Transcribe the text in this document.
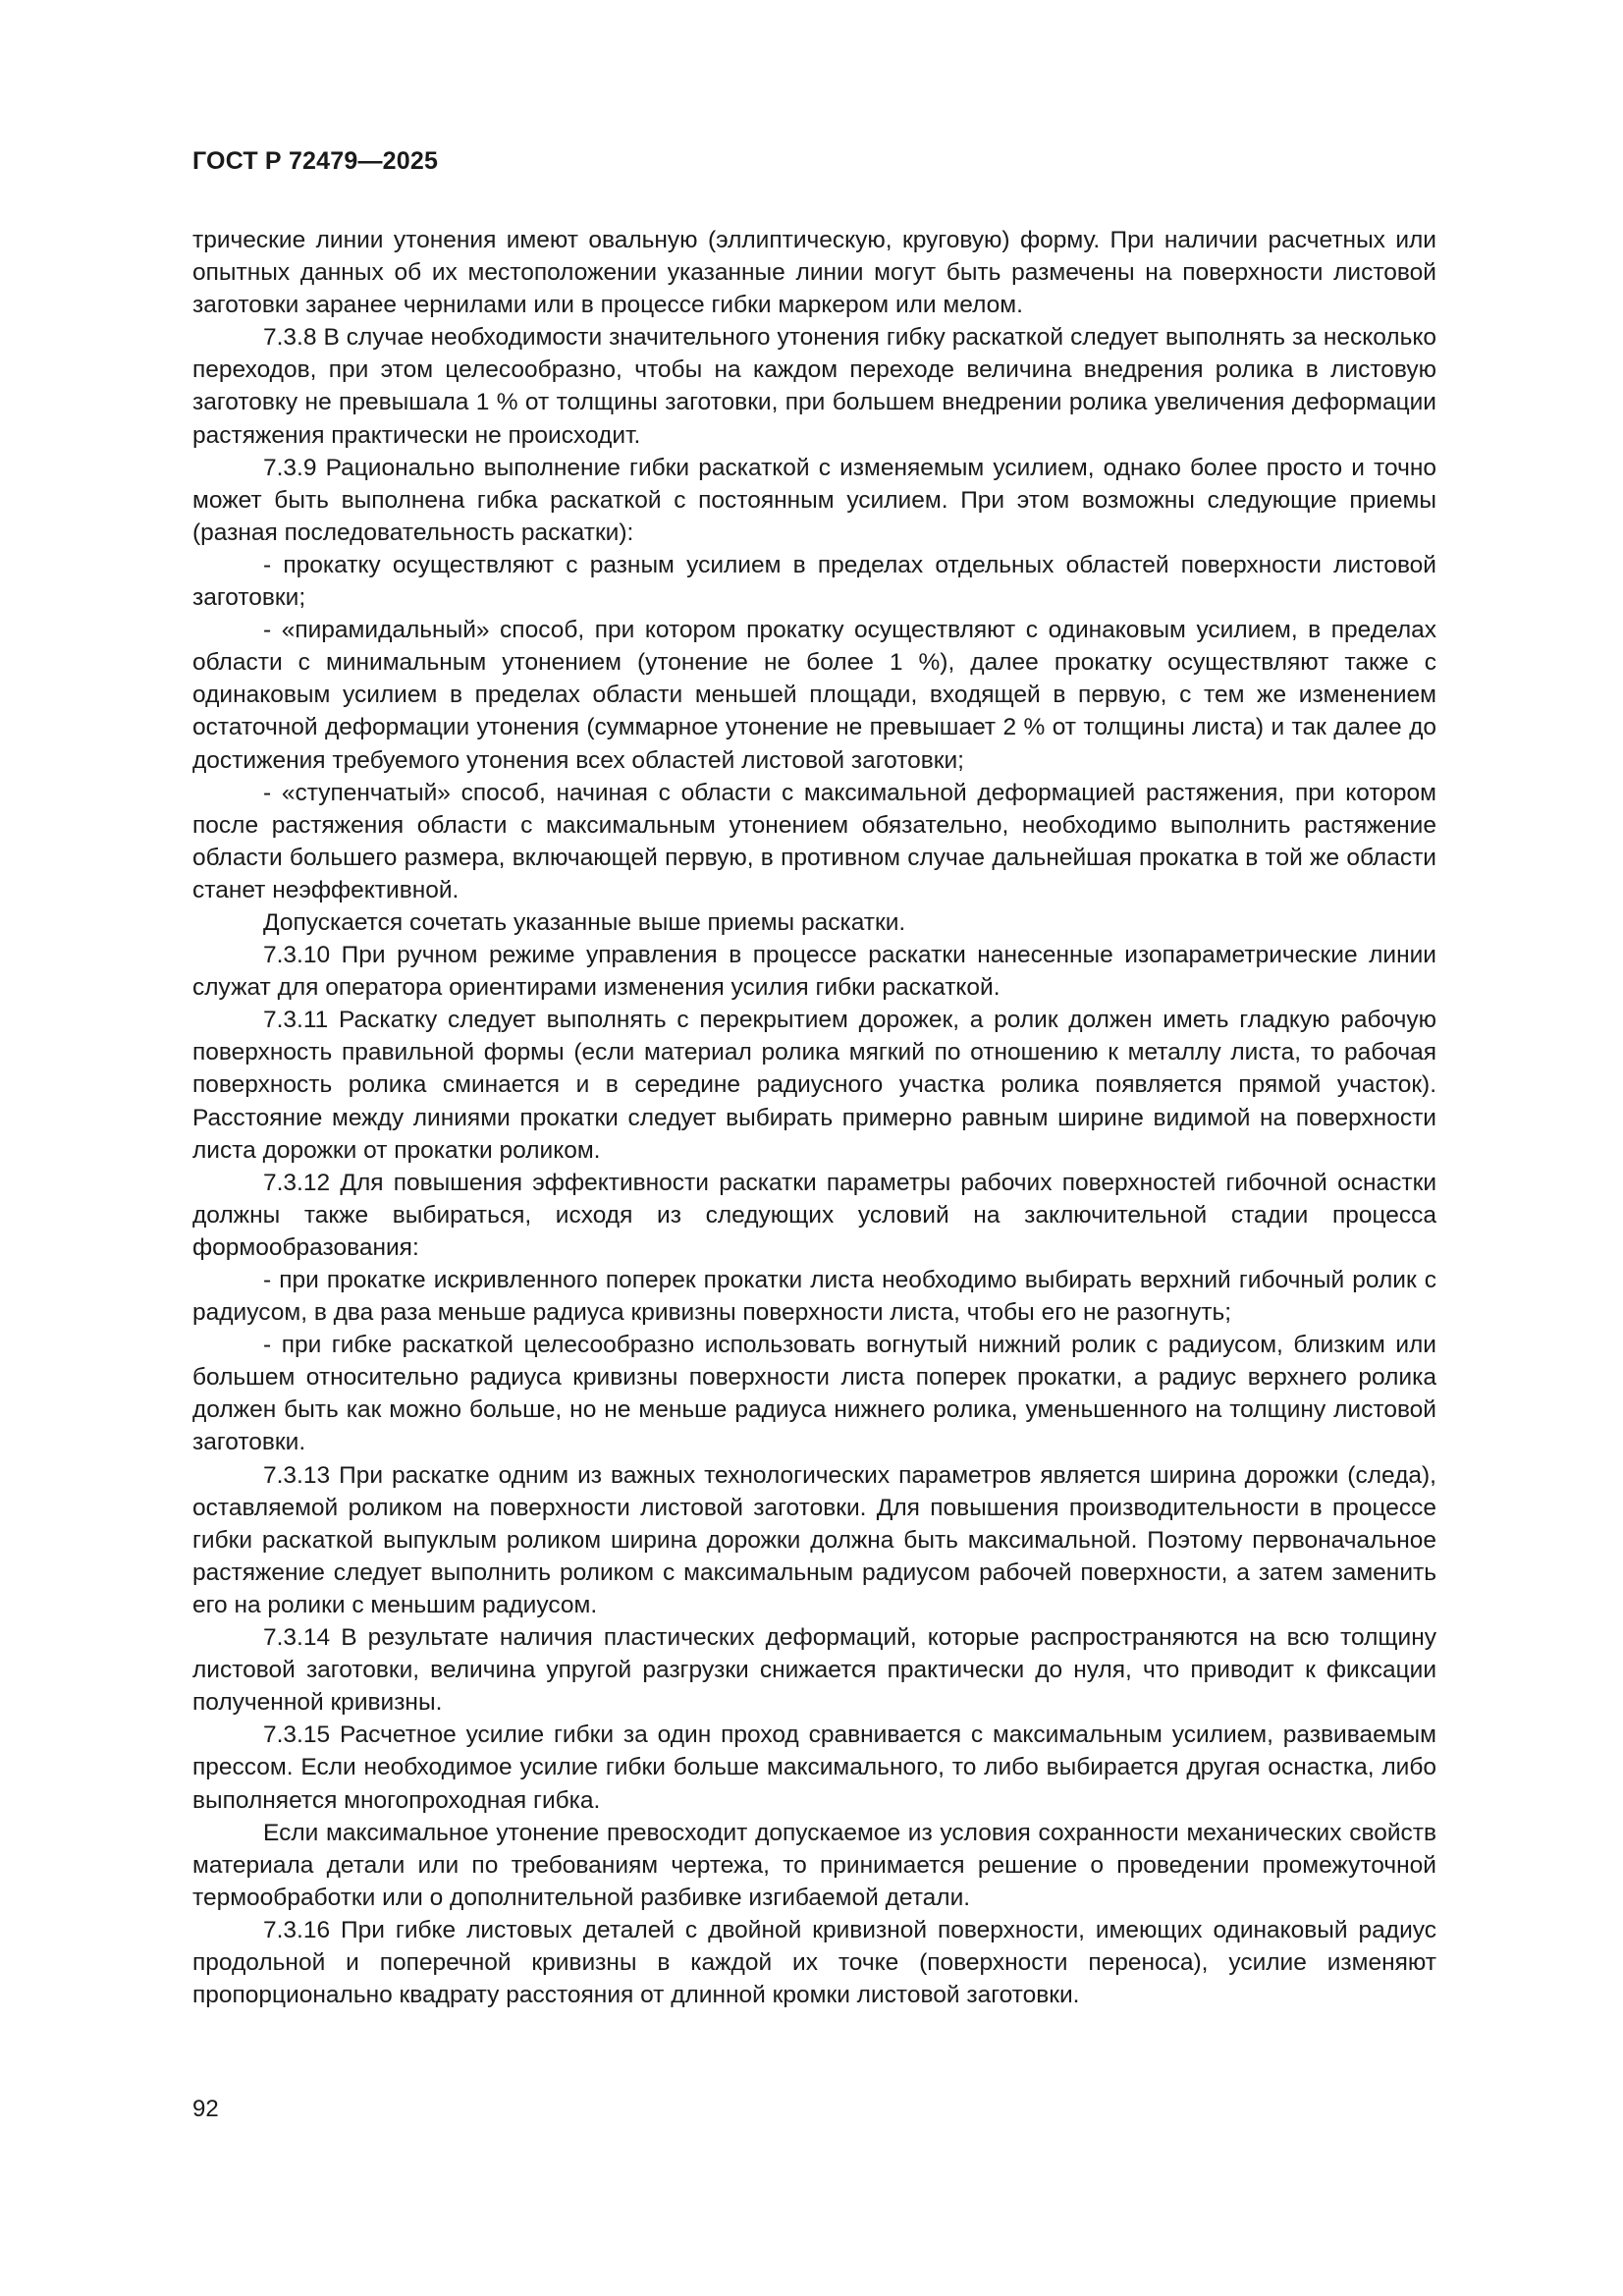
ГОСТ Р 72479—2025

трические линии утонения имеют овальную (эллиптическую, круговую) форму. При наличии расчетных или опытных данных об их местоположении указанные линии могут быть размечены на поверхности листовой заготовки заранее чернилами или в процессе гибки маркером или мелом.

7.3.8 В случае необходимости значительного утонения гибку раскаткой следует выполнять за несколько переходов, при этом целесообразно, чтобы на каждом переходе величина внедрения ролика в листовую заготовку не превышала 1 % от толщины заготовки, при большем внедрении ролика увеличения деформации растяжения практически не происходит.

7.3.9 Рационально выполнение гибки раскаткой с изменяемым усилием, однако более просто и точно может быть выполнена гибка раскаткой с постоянным усилием. При этом возможны следующие приемы (разная последовательность раскатки):

- прокатку осуществляют с разным усилием в пределах отдельных областей поверхности листовой заготовки;

- «пирамидальный» способ, при котором прокатку осуществляют с одинаковым усилием, в пределах области с минимальным утонением (утонение не более 1 %), далее прокатку осуществляют также с одинаковым усилием в пределах области меньшей площади, входящей в первую, с тем же изменением остаточной деформации утонения (суммарное утонение не превышает 2 % от толщины листа) и так далее до достижения требуемого утонения всех областей листовой заготовки;

- «ступенчатый» способ, начиная с области с максимальной деформацией растяжения, при котором после растяжения области с максимальным утонением обязательно, необходимо выполнить растяжение области большего размера, включающей первую, в противном случае дальнейшая прокатка в той же области станет неэффективной.

Допускается сочетать указанные выше приемы раскатки.

7.3.10 При ручном режиме управления в процессе раскатки нанесенные изопараметрические линии служат для оператора ориентирами изменения усилия гибки раскаткой.

7.3.11 Раскатку следует выполнять с перекрытием дорожек, а ролик должен иметь гладкую рабочую поверхность правильной формы (если материал ролика мягкий по отношению к металлу листа, то рабочая поверхность ролика сминается и в середине радиусного участка ролика появляется прямой участок). Расстояние между линиями прокатки следует выбирать примерно равным ширине видимой на поверхности листа дорожки от прокатки роликом.

7.3.12 Для повышения эффективности раскатки параметры рабочих поверхностей гибочной оснастки должны также выбираться, исходя из следующих условий на заключительной стадии процесса формообразования:

- при прокатке искривленного поперек прокатки листа необходимо выбирать верхний гибочный ролик с радиусом, в два раза меньше радиуса кривизны поверхности листа, чтобы его не разогнуть;

- при гибке раскаткой целесообразно использовать вогнутый нижний ролик с радиусом, близким или большем относительно радиуса кривизны поверхности листа поперек прокатки, а радиус верхнего ролика должен быть как можно больше, но не меньше радиуса нижнего ролика, уменьшенного на толщину листовой заготовки.

7.3.13 При раскатке одним из важных технологических параметров является ширина дорожки (следа), оставляемой роликом на поверхности листовой заготовки. Для повышения производительности в процессе гибки раскаткой выпуклым роликом ширина дорожки должна быть максимальной. Поэтому первоначальное растяжение следует выполнить роликом с максимальным радиусом рабочей поверхности, а затем заменить его на ролики с меньшим радиусом.

7.3.14 В результате наличия пластических деформаций, которые распространяются на всю толщину листовой заготовки, величина упругой разгрузки снижается практически до нуля, что приводит к фиксации полученной кривизны.

7.3.15 Расчетное усилие гибки за один проход сравнивается с максимальным усилием, развиваемым прессом. Если необходимое усилие гибки больше максимального, то либо выбирается другая оснастка, либо выполняется многопроходная гибка.

Если максимальное утонение превосходит допускаемое из условия сохранности механических свойств материала детали или по требованиям чертежа, то принимается решение о проведении промежуточной термообработки или о дополнительной разбивке изгибаемой детали.

7.3.16 При гибке листовых деталей с двойной кривизной поверхности, имеющих одинаковый радиус продольной и поперечной кривизны в каждой их точке (поверхности переноса), усилие изменяют пропорционально квадрату расстояния от длинной кромки листовой заготовки.

92
